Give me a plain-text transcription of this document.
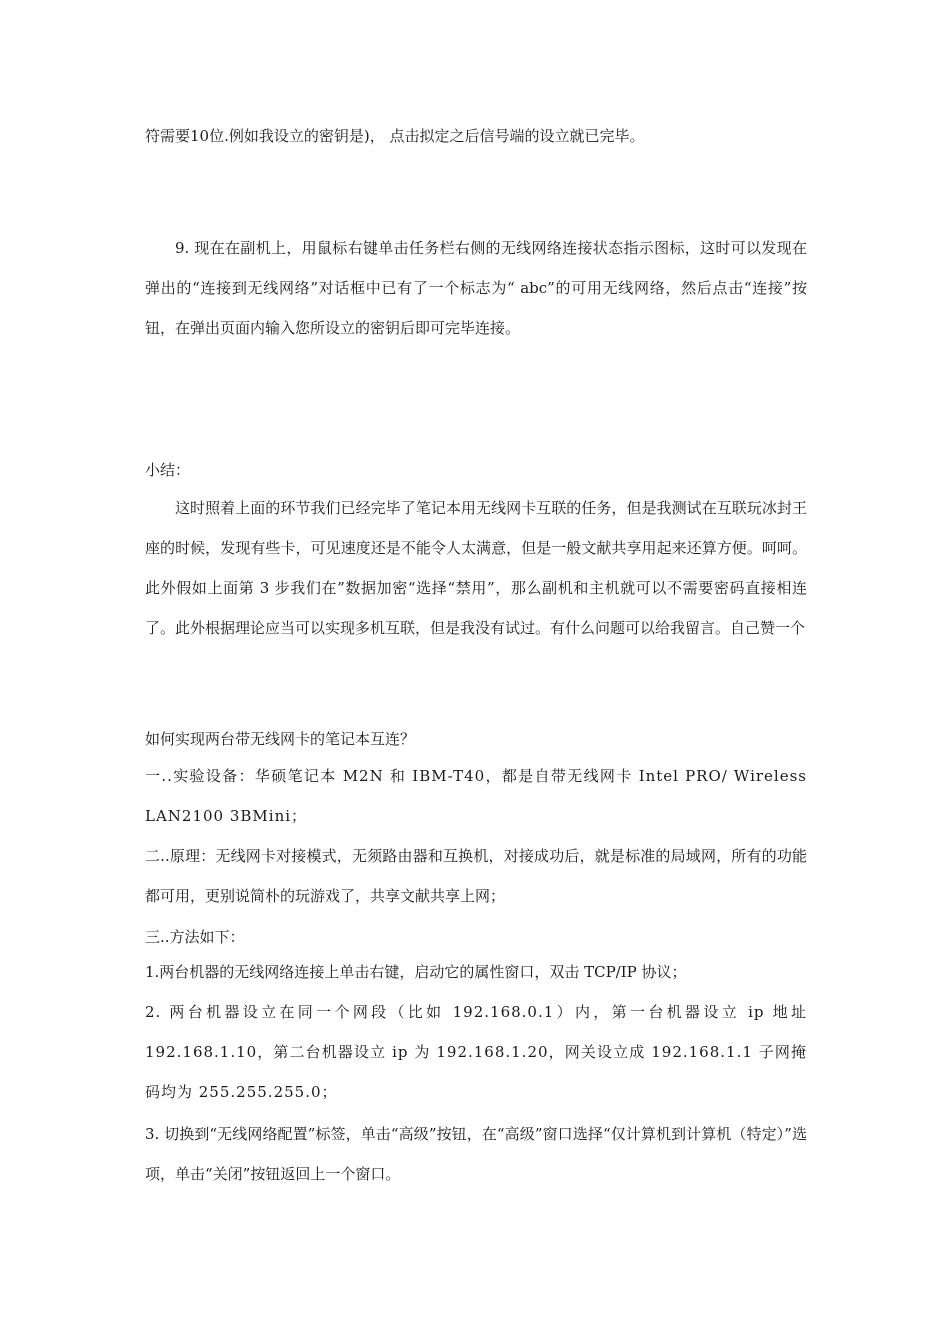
符需要10位.例如我设立的密钥是)， 点击拟定之后信号端的设立就已完毕。

9. 现在在副机上，用鼠标右键单击任务栏右侧的无线网络连接状态指示图标，这时可以发现在弹出的“连接到无线网络”对话框中已有了一个标志为“ abc”的可用无线网络，然后点击“连接”按钮，在弹出页面内输入您所设立的密钥后即可完毕连接。

小结：

这时照着上面的环节我们已经完毕了笔记本用无线网卡互联的任务，但是我测试在互联玩冰封王座的时候，发现有些卡，可见速度还是不能令人太满意，但是一般文献共享用起来还算方便。呵呵。此外假如上面第 3 步我们在”数据加密“选择“禁用”，那么副机和主机就可以不需要密码直接相连了。此外根据理论应当可以实现多机互联，但是我没有试过。有什么问题可以给我留言。自己赞一个

如何实现两台带无线网卡的笔记本互连？

一..实验设备：华硕笔记本 M2N 和 IBM-T40，都是自带无线网卡 Intel PRO/ Wireless LAN2100 3BMini；

二..原理：无线网卡对接模式，无须路由器和互换机，对接成功后，就是标准的局域网，所有的功能都可用，更别说简朴的玩游戏了，共享文献共享上网；

三..方法如下：

1.两台机器的无线网络连接上单击右键，启动它的属性窗口，双击 TCP/IP 协议；

2. 两台机器设立在同一个网段（比如 192.168.0.1）内，第一台机器设立 ip 地址 192.168.1.10，第二台机器设立 ip 为 192.168.1.20，网关设立成 192.168.1.1 子网掩码均为 255.255.255.0；

3. 切换到“无线网络配置”标签，单击“高级”按钮，在“高级”窗口选择“仅计算机到计算机（特定）”选项，单击“关闭”按钮返回上一个窗口。
